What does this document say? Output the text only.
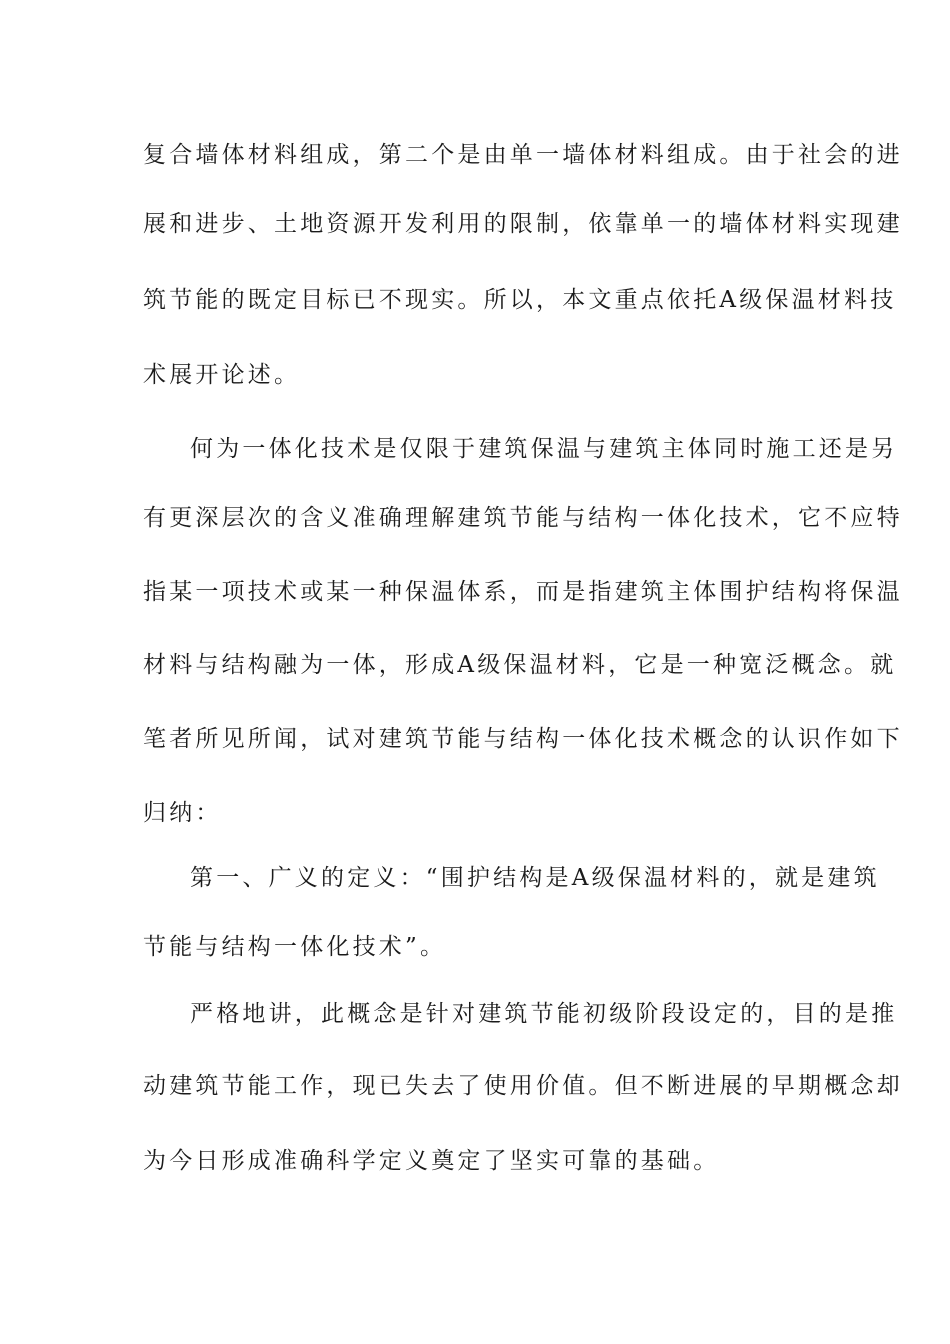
复合墙体材料组成，第二个是由单一墙体材料组成。由于社会的进
展和进步、土地资源开发利用的限制，依靠单一的墙体材料实现建
筑节能的既定目标已不现实。所以，本文重点依托A级保温材料技
术展开论述。
何为一体化技术是仅限于建筑保温与建筑主体同时施工还是另
有更深层次的含义准确理解建筑节能与结构一体化技术，它不应特
指某一项技术或某一种保温体系，而是指建筑主体围护结构将保温
材料与结构融为一体，形成A级保温材料，它是一种宽泛概念。就
笔者所见所闻，试对建筑节能与结构一体化技术概念的认识作如下
归纳：
第一、广义的定义：“围护结构是A级保温材料的，就是建筑
节能与结构一体化技术”。
严格地讲，此概念是针对建筑节能初级阶段设定的，目的是推
动建筑节能工作，现已失去了使用价值。但不断进展的早期概念却
为今日形成准确科学定义奠定了坚实可靠的基础。
